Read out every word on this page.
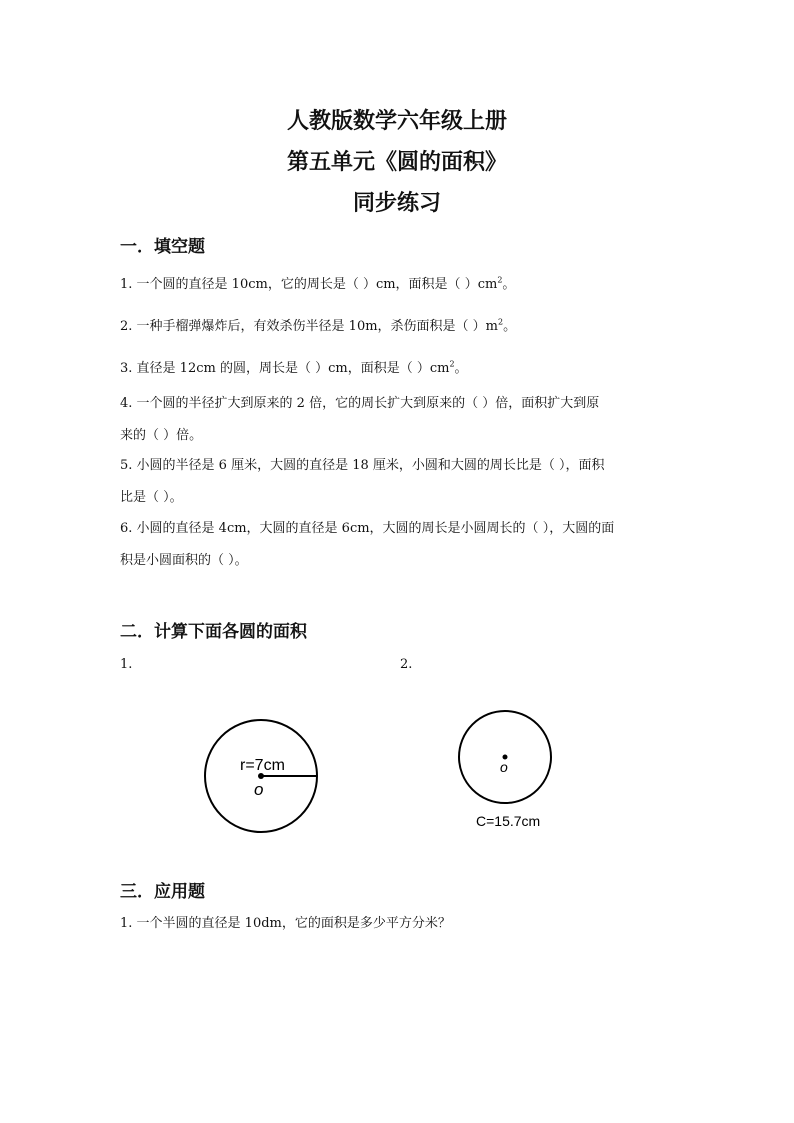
人教版数学六年级上册
第五单元《圆的面积》
同步练习
一．填空题
1. 一个圆的直径是 10cm，它的周长是（ ）cm，面积是（ ）$cm^2$。
2. 一种手榴弹爆炸后，有效杀伤半径是 10m，杀伤面积是（ ）$m^2$。
3. 直径是 12cm 的圆，周长是（ ）cm，面积是（ ）$cm^2$。
4. 一个圆的半径扩大到原来的 2 倍，它的周长扩大到原来的（ ）倍，面积扩大到原
来的（ ）倍。
5. 小圆的半径是 6 厘米，大圆的直径是 18 厘米，小圆和大圆的周长比是（ ），面积
比是（ ）。
6. 小圆的直径是 4cm，大圆的直径是 6cm，大圆的周长是小圆周长的（ ），大圆的面
积是小圆面积的（ ）。
二．计算下面各圆的面积
1.	2.
r=7cm
o
o
C=15.7cm
三．应用题
1. 一个半圆的直径是 10dm，它的面积是多少平方分米？
